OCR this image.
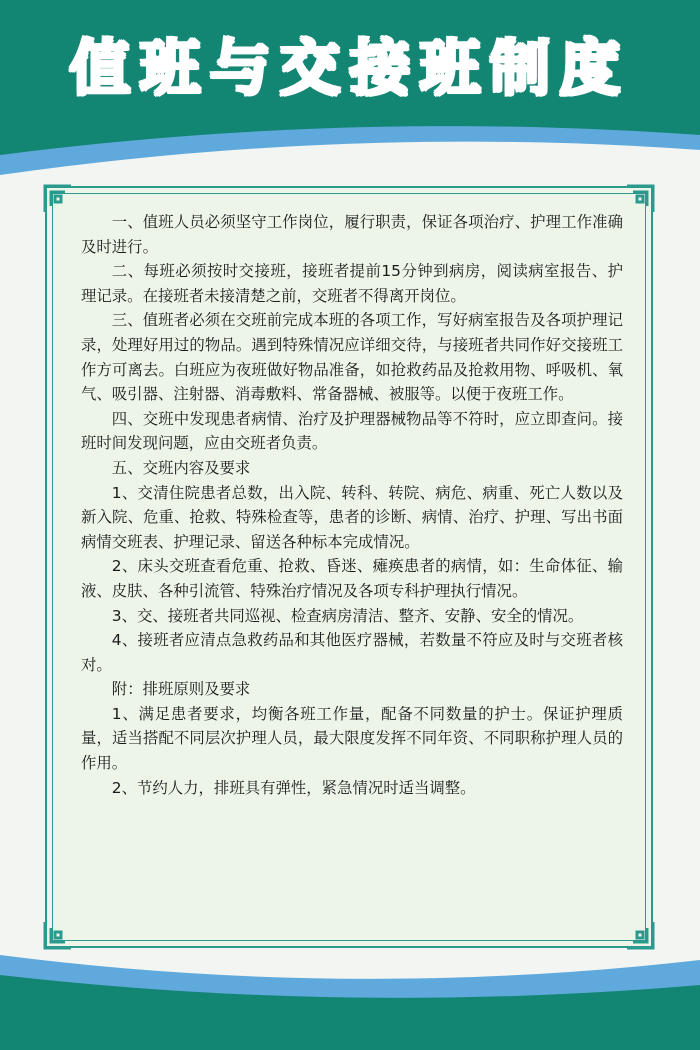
值班与交接班制度

一、值班人员必须坚守工作岗位，履行职责，保证各项治疗、护理工作准确及时进行。

二、每班必须按时交接班，接班者提前15分钟到病房，阅读病室报告、护理记录。在接班者未接清楚之前，交班者不得离开岗位。

三、值班者必须在交班前完成本班的各项工作，写好病室报告及各项护理记录，处理好用过的物品。遇到特殊情况应详细交待，与接班者共同作好交接班工作方可离去。白班应为夜班做好物品准备，如抢救药品及抢救用物、呼吸机、氧气、吸引器、注射器、消毒敷料、常备器械、被服等。以便于夜班工作。

四、交班中发现患者病情、治疗及护理器械物品等不符时，应立即查问。接班时间发现问题，应由交班者负责。

五、交班内容及要求

1、交清住院患者总数，出入院、转科、转院、病危、病重、死亡人数以及新入院、危重、抢救、特殊检查等，患者的诊断、病情、治疗、护理、写出书面病情交班表、护理记录、留送各种标本完成情况。

2、床头交班查看危重、抢救、昏迷、瘫痪患者的病情，如：生命体征、输液、皮肤、各种引流管、特殊治疗情况及各项专科护理执行情况。

3、交、接班者共同巡视、检查病房清洁、整齐、安静、安全的情况。

4、接班者应清点急救药品和其他医疗器械，若数量不符应及时与交班者核对。

附：排班原则及要求

1、满足患者要求，均衡各班工作量，配备不同数量的护士。保证护理质量，适当搭配不同层次护理人员，最大限度发挥不同年资、不同职称护理人员的作用。

2、节约人力，排班具有弹性，紧急情况时适当调整。
